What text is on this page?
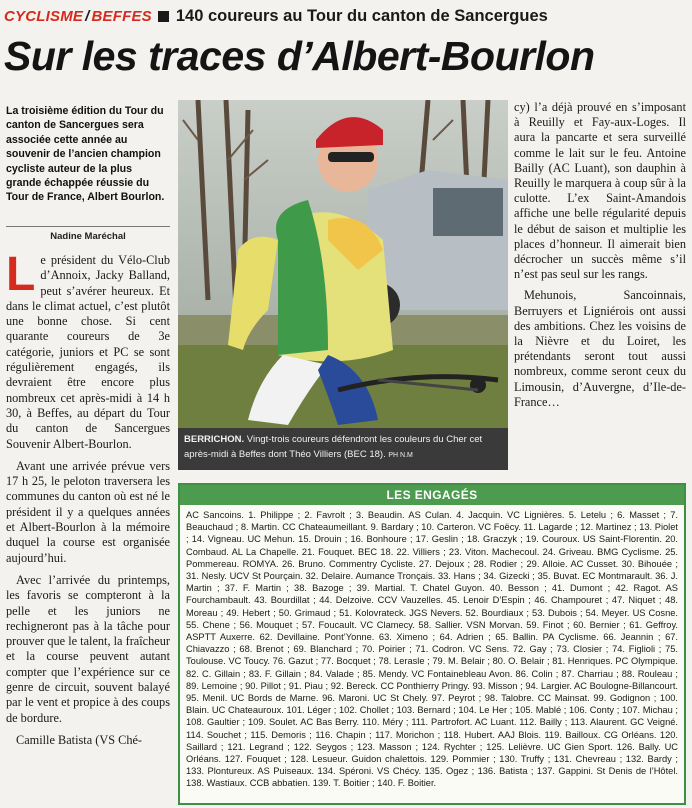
CYCLISME / BEFFES 140 coureurs au Tour du canton de Sancergues
Sur les traces d’Albert-Bourlon
La troisième édition du Tour du canton de Sancergues sera associée cette année au souvenir de l’ancien champion cycliste auteur de la plus grande échappée réussie du Tour de France, Albert Bourlon.
Nadine Maréchal

Le président du Vélo-Club d’Annoix, Jacky Balland, peut s’avérer heureux. Et dans le climat actuel, c’est plutôt une bonne chose. Si cent quarante coureurs de 3e catégorie, juniors et PC se sont régulièrement engagés, ils devraient être encore plus nombreux cet après-midi à 14 h 30, à Beffes, au départ du Tour du canton de Sancergues Souvenir Albert-Bourlon.

Avant une arrivée prévue vers 17 h 25, le peloton traversera les communes du canton où est né le président il y a quelques années et Albert-Bourlon à la mémoire duquel la course est organisée aujourd’hui.

Avec l’arrivée du printemps, les favoris se compteront à la pelle et les juniors ne rechigneront pas à la tâche pour prouver que le talent, la fraîcheur et la course peuvent autant compter que l’expérience sur ce genre de circuit, souvent balayé par le vent et propice à des coups de bordure.

Camille Batista (VS Ché-

BERRICHON. Vingt-trois coureurs défendront les couleurs du Cher cet après-midi à Beffes dont Théo Villiers (BEC 18). PH N.M

cy) l’a déjà prouvé en s’imposant à Reuilly et Fay-aux-Loges. Il aura la pancarte et sera surveillé comme le lait sur le feu. Antoine Bailly (AC Luant), son dauphin à Reuilly le marquera à coup sûr à la culotte. L’ex Saint-Amandois affiche une belle régularité depuis le début de saison et multiplie les places d’honneur. Il aimerait bien décrocher un succès même s’il n’est pas seul sur les rangs.

Mehunois, Sancoinnais, Berruyers et Ligniérois ont aussi des ambitions. Chez les voisins de la Nièvre et du Loiret, les prétendants seront tout aussi nombreux, comme seront ceux du Limousin, d’Auvergne, d’Ile-de-France…

LES ENGAGÉS
AC Sancoins. 1. Philippe ; 2. Favrolt ; 3. Beaudin. AS Culan. 4. Jacquin. VC Lignières. 5. Letelu ; 6. Masset ; 7. Beauchaud ; 8. Martin. CC Chateaumeillant. 9. Bardary ; 10. Carteron. VC Foëcy. 11. Lagarde ; 12. Martinez ; 13. Piolet ; 14. Vigneau. UC Mehun. 15. Drouin ; 16. Bonhoure ; 17. Geslin ; 18. Graczyk ; 19. Couroux. US Saint-Florentin. 20. Combaud. AL La Chapelle. 21. Fouquet. BEC 18. 22. Villiers ; 23. Viton. Machecoul. 24. Griveau. BMG Cyclisme. 25. Pommereau. ROMYA. 26. Bruno. Commentry Cycliste. 27. Dejoux ; 28. Rodier ; 29. Alloie. AC Cusset. 30. Bihouée ; 31. Nesly. UCV St Pourçain. 32. Delaire. Aumance Tronçais. 33. Hans ; 34. Gizecki ; 35. Buvat. EC Montmarault. 36. J. Martin ; 37. F. Martin ; 38. Bazoge ; 39. Martial. T. Chatel Guyon. 40. Besson ; 41. Dumont ; 42. Ragot. AS Fourchambault. 43. Bourdillat ; 44. Delzoive. CCV Vauzelles. 45. Lenoir D’Espin ; 46. Champouret ; 47. Niquet ; 48. Moreau ; 49. Hebert ; 50. Grimaud ; 51. Kolovrateck. JGS Nevers. 52. Bourdiaux ; 53. Dubois ; 54. Meyer. US Cosne. 55. Chene ; 56. Mouquet ; 57. Foucault. VC Clamecy. 58. Sallier. VSN Morvan. 59. Finot ; 60. Bernier ; 61. Geffroy. ASPTT Auxerre. 62. Devillaine. Pont’Yonne. 63. Ximeno ; 64. Adrien ; 65. Ballin. PA Cyclisme. 66. Jeannin ; 67. Chiavazzo ; 68. Brenot ; 69. Blanchard ; 70. Poirier ; 71. Codron. VC Sens. 72. Gay ; 73. Closier ; 74. Figlioli ; 75. Toulouse. VC Toucy. 76. Gazut ; 77. Bocquet ; 78. Lerasle ; 79. M. Belair ; 80. O. Belair ; 81. Henriques. PC Olympique. 82. C. Gillain ; 83. F. Gillain ; 84. Valade ; 85. Mendy. VC Fontainebleau Avon. 86. Colin ; 87. Charriau ; 88. Rouleau ; 89. Lemoine ; 90. Pillot ; 91. Piau ; 92. Bereck. CC Ponthierry Pringy. 93. Misson ; 94. Largier. AC Boulogne-Billancourt. 95. Menil. UC Bords de Marne. 96. Maroni. UC St Chely. 97. Peyrot ; 98. Talobre. CC Mainsat. 99. Godignon ; 100. Blain. UC Chateauroux. 101. Léger ; 102. Chollet ; 103. Bernard ; 104. Le Her ; 105. Mablé ; 106. Conty ; 107. Michau ; 108. Gaultier ; 109. Soulet. AC Bas Berry. 110. Méry ; 111. Partrofort. AC Luant. 112. Bailly ; 113. Alaurent. GC Veigné. 114. Souchet ; 115. Demoris ; 116. Chapin ; 117. Morichon ; 118. Hubert. AAJ Blois. 119. Bailloux. CG Orléans. 120. Saillard ; 121. Legrand ; 122. Seygos ; 123. Masson ; 124. Rychter ; 125. Lelièvre. UC Gien Sport. 126. Bally. UC Orléans. 127. Fouquet ; 128. Lesueur. Guidon chalettois. 129. Pommier ; 130. Truffy ; 131. Chevreau ; 132. Bardy ; 133. Plontureux. AS Puiseaux. 134. Spéroni. VS Chécy. 135. Ogez ; 136. Batista ; 137. Gappini. St Denis de l’Hôtel. 138. Wastiaux. CCB abbatien. 139. T. Boitier ; 140. F. Boitier.
